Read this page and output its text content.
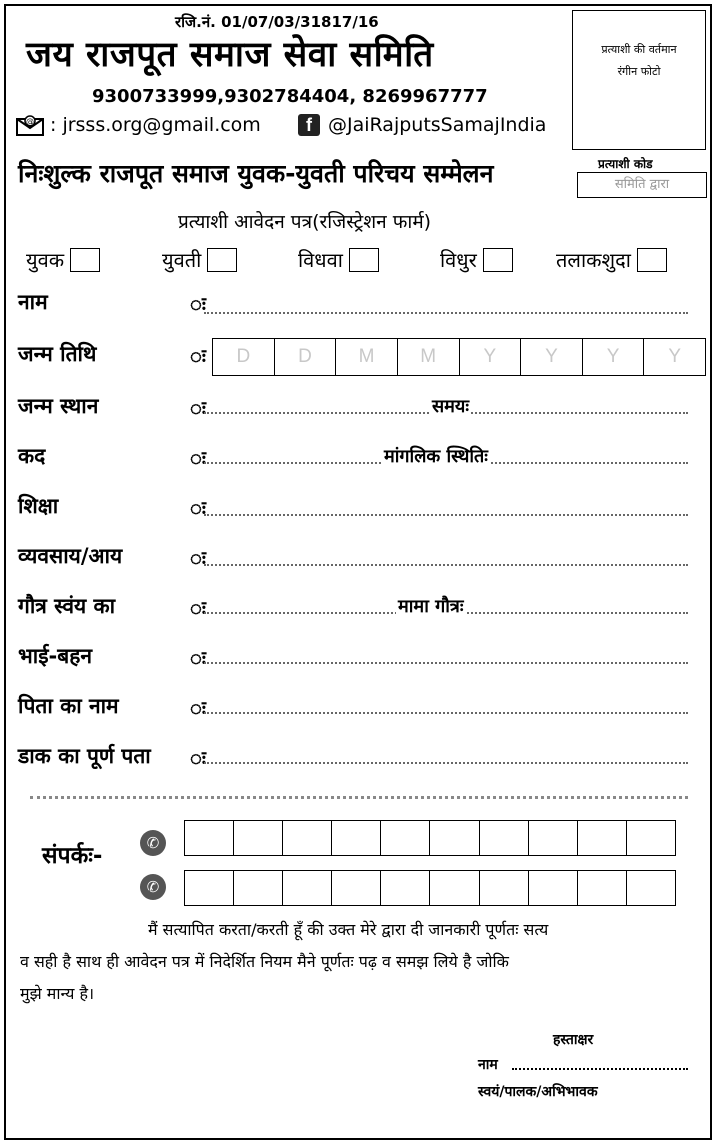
रजि.नं. 01/07/03/31817/16
जय राजपूत समाज सेवा समिति
9300733999,9302784404, 8269967777
@ : jrsss.org@gmail.com	f @JaiRajputsSamajIndia
प्रत्याशी की वर्तमान
रंगीन फोटो
निःशुल्क राजपूत समाज युवक-युवती परिचय सम्मेलन	प्रत्याशी कोड
समिति द्वारा
प्रत्याशी आवेदन पत्र(रजिस्ट्रेशन फार्म)
युवक	युवती	विधवा	विधुर	तलाकशुदा
नाम	ः
जन्म तिथि	ः	D	D	M	M	Y	Y	Y	Y
जन्म स्थान	ः	समयः
कद	ः	मांगलिक स्थितिः
शिक्षा	ः
व्यवसाय/आय	ः
गौत्र स्वंय का	ः	मामा गौत्रः
भाई-बहन	ः
पिता का नाम	ः
डाक का पूर्ण पता ः
संपर्कः-	✆
✆
मैं सत्यापित करता/करती हूँ की उक्त मेरे द्वारा दी जानकारी पूर्णतः सत्य
व सही है साथ ही आवेदन पत्र में निदेर्शित नियम मैने पूर्णतः पढ़ व समझ लिये है जोकि
मुझे मान्य है।
हस्ताक्षर
नाम
स्वयं/पालक/अभिभावक
